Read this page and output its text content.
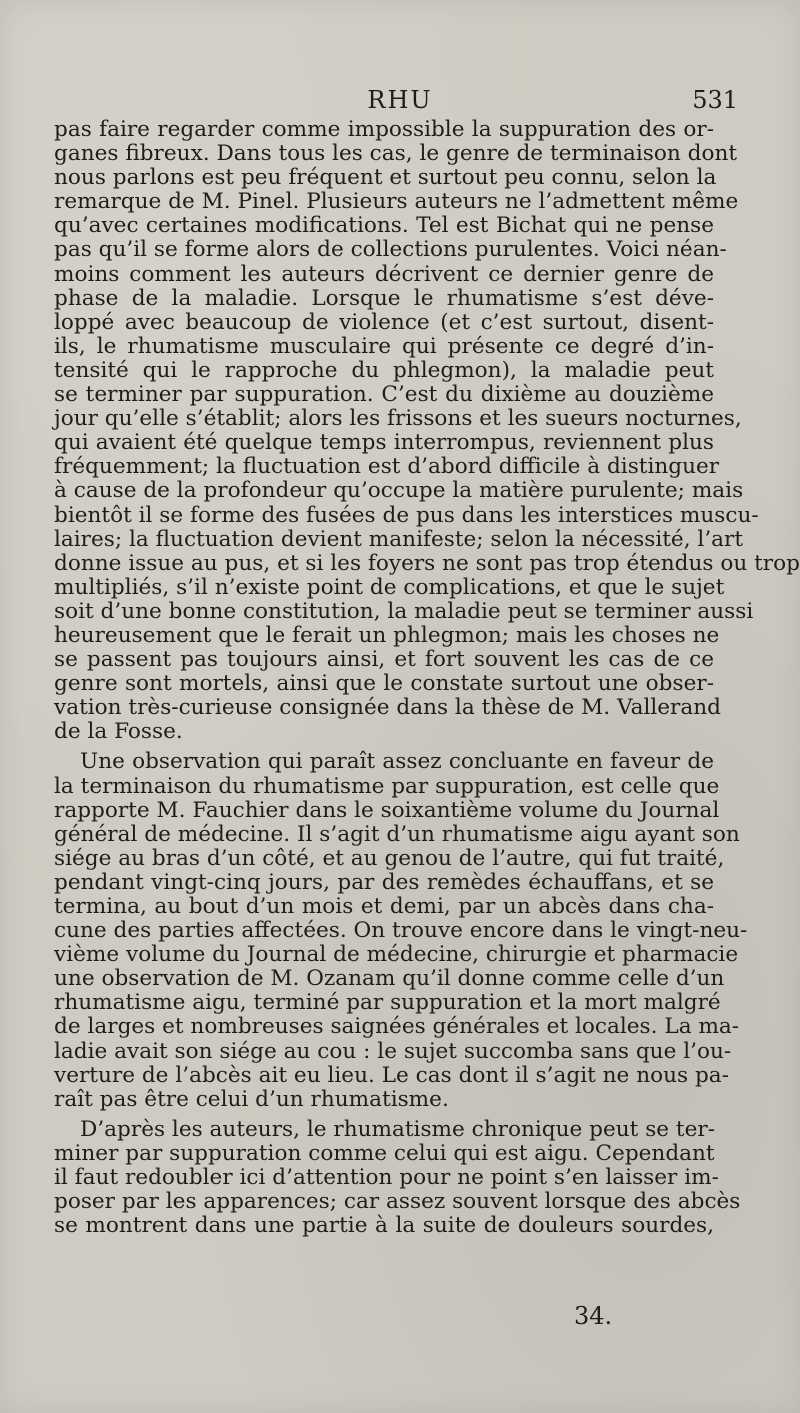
RHU	531
pas faire regarder comme impossible la suppuration des or-
ganes fibreux. Dans tous les cas, le genre de terminaison dont
nous parlons est peu fréquent et surtout peu connu, selon la
remarque de M. Pinel. Plusieurs auteurs ne l’admettent même
qu’avec certaines modifications. Tel est Bichat qui ne pense
pas qu’il se forme alors de collections purulentes. Voici néan-
moins comment les auteurs décrivent ce dernier genre de
phase de la maladie. Lorsque le rhumatisme s’est déve-
loppé avec beaucoup de violence (et c’est surtout, disent-
ils, le rhumatisme musculaire qui présente ce degré d’in-
tensité qui le rapproche du phlegmon), la maladie peut
se terminer par suppuration. C’est du dixième au douzième
jour qu’elle s’établit; alors les frissons et les sueurs nocturnes,
qui avaient été quelque temps interrompus, reviennent plus
fréquemment; la fluctuation est d’abord difficile à distinguer
à cause de la profondeur qu’occupe la matière purulente; mais
bientôt il se forme des fusées de pus dans les interstices muscu-
laires; la fluctuation devient manifeste; selon la nécessité, l’art
donne issue au pus, et si les foyers ne sont pas trop étendus ou trop
multipliés, s’il n’existe point de complications, et que le sujet
soit d’une bonne constitution, la maladie peut se terminer aussi
heureusement que le ferait un phlegmon; mais les choses ne
se passent pas toujours ainsi, et fort souvent les cas de ce
genre sont mortels, ainsi que le constate surtout une obser-
vation très-curieuse consignée dans la thèse de M. Vallerand
de la Fosse.
Une observation qui paraît assez concluante en faveur de
la terminaison du rhumatisme par suppuration, est celle que
rapporte M. Fauchier dans le soixantième volume du Journal
général de médecine. Il s’agit d’un rhumatisme aigu ayant son
siége au bras d’un côté, et au genou de l’autre, qui fut traité,
pendant vingt-cinq jours, par des remèdes échauffans, et se
termina, au bout d’un mois et demi, par un abcès dans cha-
cune des parties affectées. On trouve encore dans le vingt-neu-
vième volume du Journal de médecine, chirurgie et pharmacie
une observation de M. Ozanam qu’il donne comme celle d’un
rhumatisme aigu, terminé par suppuration et la mort malgré
de larges et nombreuses saignées générales et locales. La ma-
ladie avait son siége au cou : le sujet succomba sans que l’ou-
verture de l’abcès ait eu lieu. Le cas dont il s’agit ne nous pa-
raît pas être celui d’un rhumatisme.
D’après les auteurs, le rhumatisme chronique peut se ter-
miner par suppuration comme celui qui est aigu. Cependant
il faut redoubler ici d’attention pour ne point s’en laisser im-
poser par les apparences; car assez souvent lorsque des abcès
se montrent dans une partie à la suite de douleurs sourdes,
34.
